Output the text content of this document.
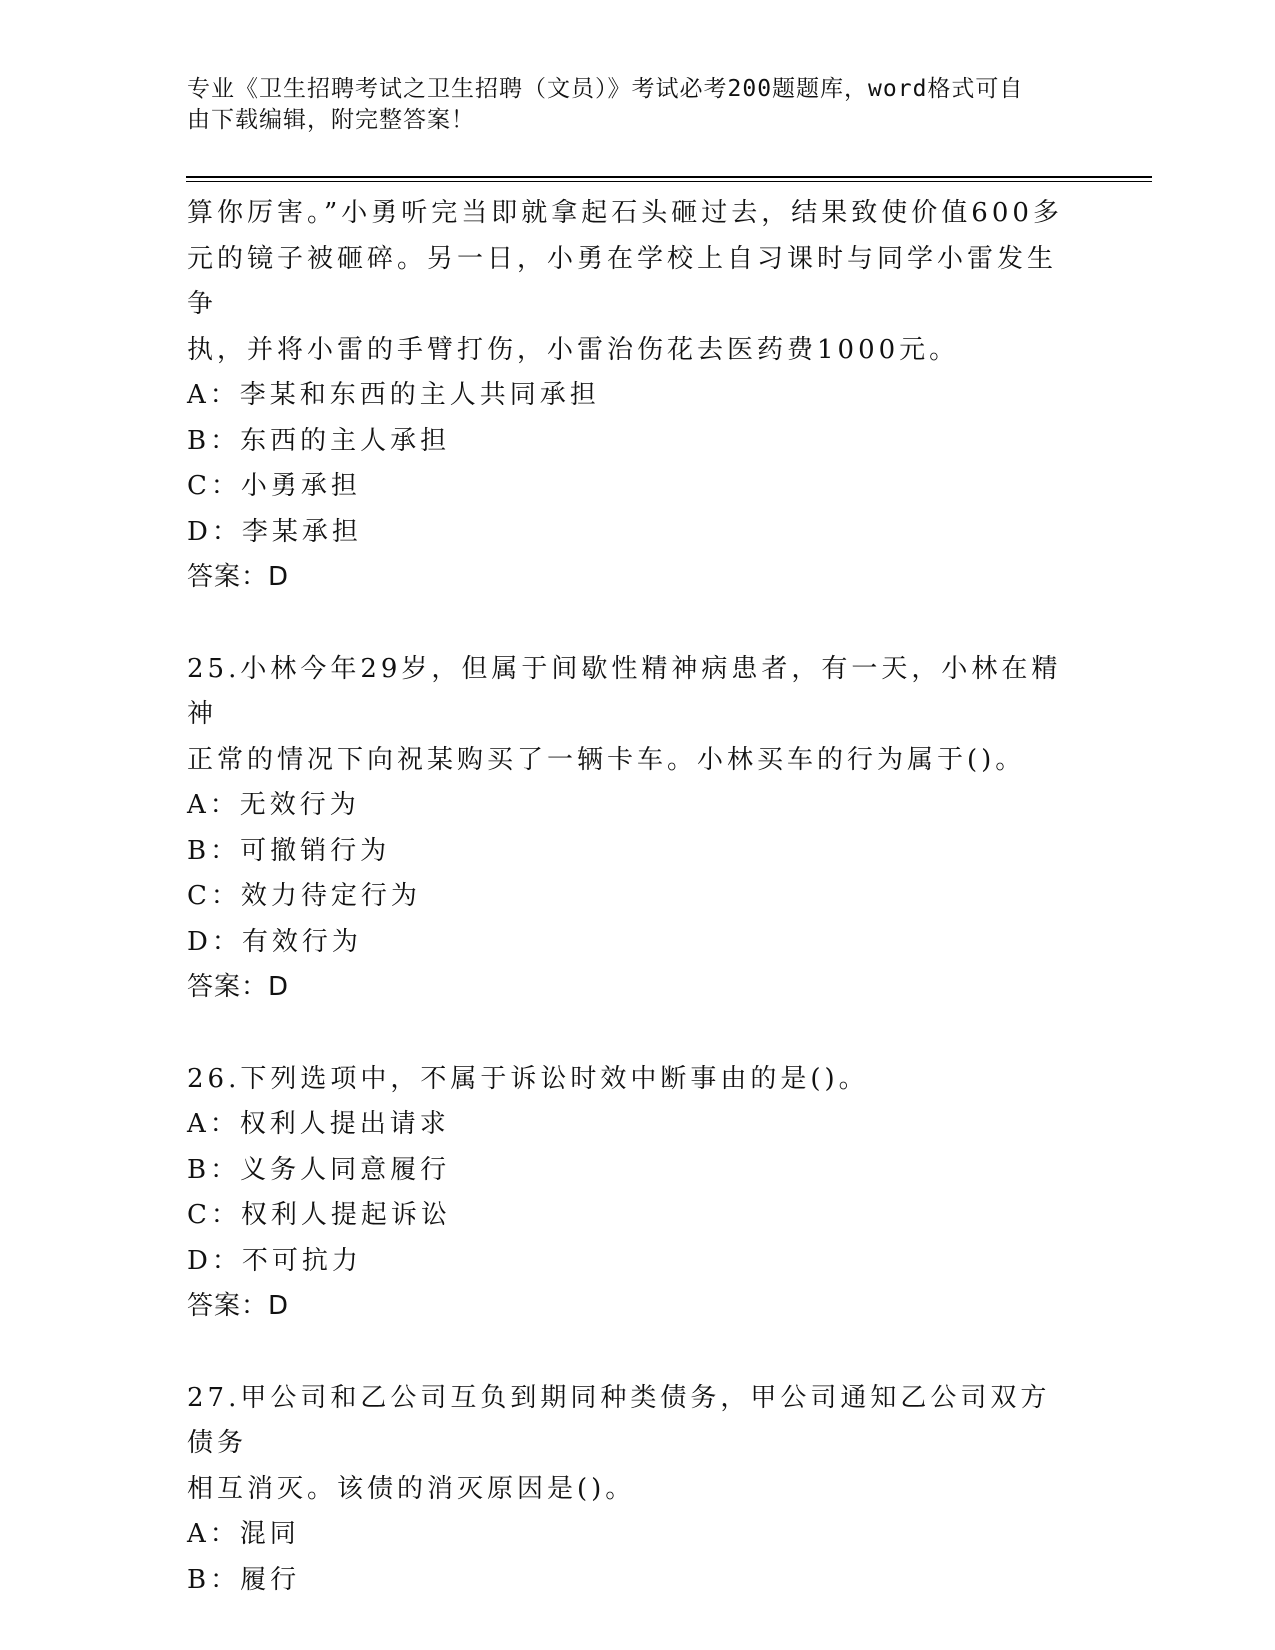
专业《卫生招聘考试之卫生招聘（文员）》考试必考200题题库，word格式可自
由下载编辑，附完整答案！
算你厉害。”小勇听完当即就拿起石头砸过去，结果致使价值600多
元的镜子被砸碎。另一日，小勇在学校上自习课时与同学小雷发生争
执，并将小雷的手臂打伤，小雷治伤花去医药费1000元。
A：李某和东西的主人共同承担
B：东西的主人承担
C：小勇承担
D：李某承担
答案：D
25.小林今年29岁，但属于间歇性精神病患者，有一天，小林在精神
正常的情况下向祝某购买了一辆卡车。小林买车的行为属于()。
A：无效行为
B：可撤销行为
C：效力待定行为
D：有效行为
答案：D
26.下列选项中，不属于诉讼时效中断事由的是()。
A：权利人提出请求
B：义务人同意履行
C：权利人提起诉讼
D：不可抗力
答案：D
27.甲公司和乙公司互负到期同种类债务，甲公司通知乙公司双方债务
相互消灭。该债的消灭原因是()。
A：混同
B：履行
